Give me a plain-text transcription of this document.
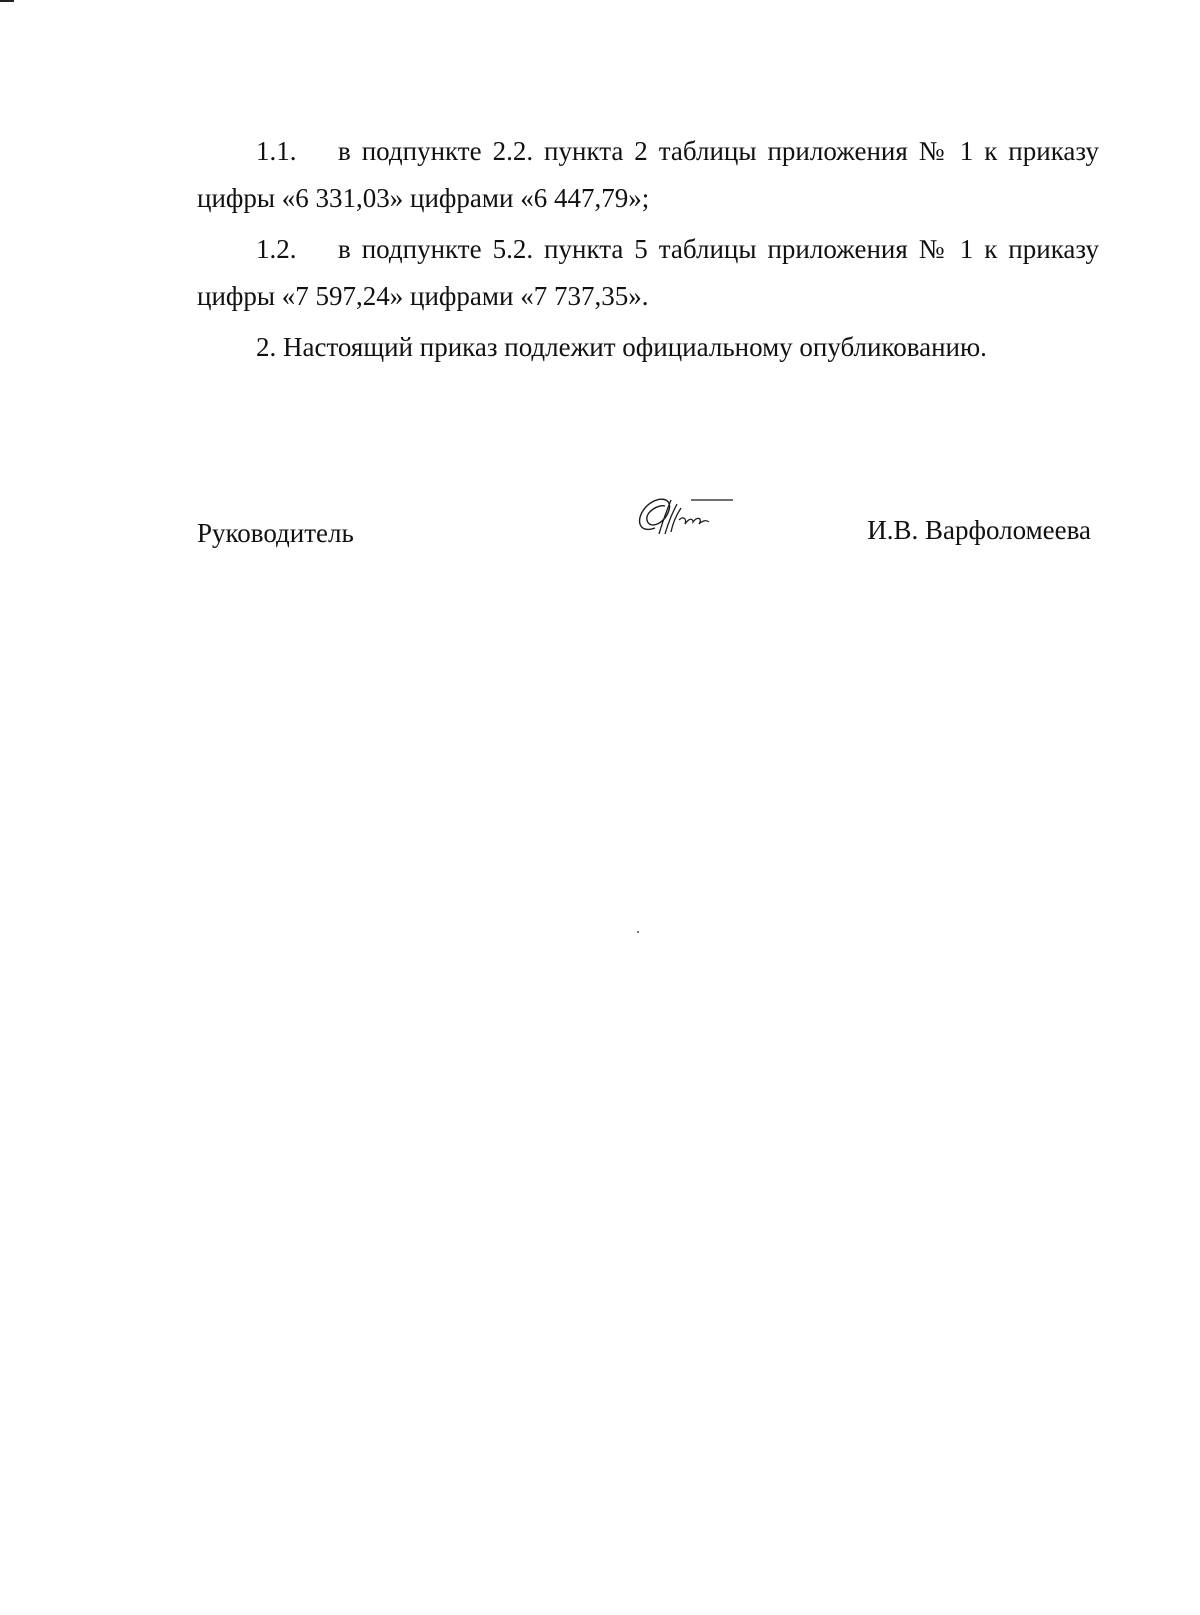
1.1. в подпункте 2.2. пункта 2 таблицы приложения № 1 к приказу цифры «6 331,03» цифрами «6 447,79»;

1.2. в подпункте 5.2. пункта 5 таблицы приложения № 1 к приказу цифры «7 597,24» цифрами «7 737,35».

2. Настоящий приказ подлежит официальному опубликованию.

Руководитель	И.В. Варфоломеева
